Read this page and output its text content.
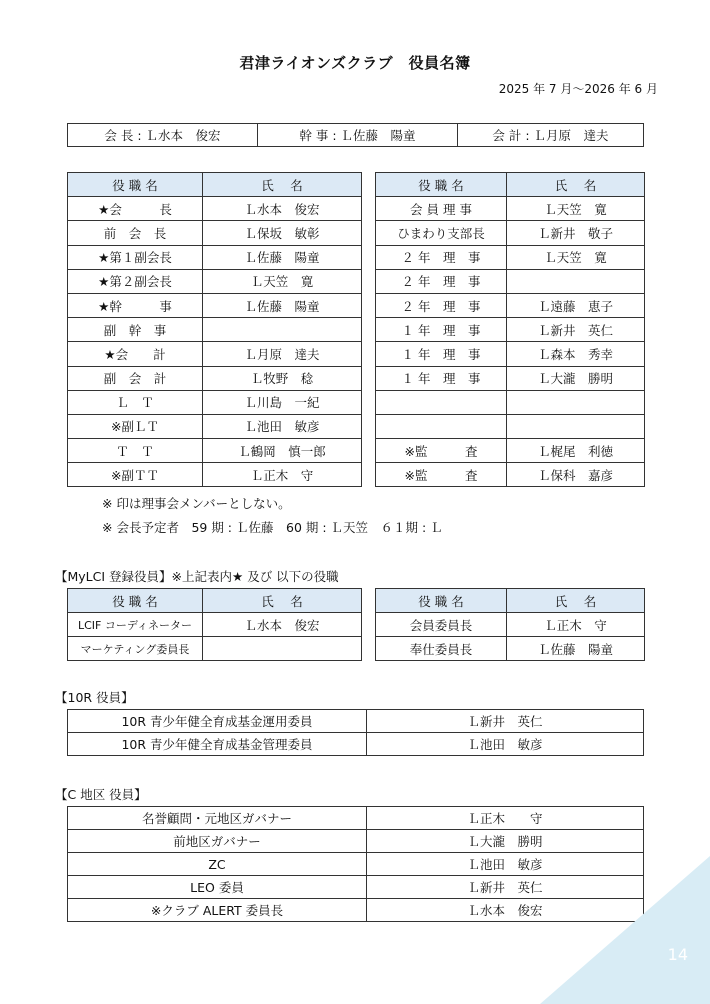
君津ライオンズクラブ　役員名簿
2025 年 7 月～2026 年 6 月
会 長 : Ｌ水本　俊宏	幹 事 : Ｌ佐藤　陽童	会 計 : Ｌ月原　達夫
役 職 名	氏　 名
★会　　　長	Ｌ水本　俊宏
前　会　長	Ｌ保坂　敏彰
★第１副会長	Ｌ佐藤　陽童
★第２副会長	Ｌ天笠　寛
★幹　　　事	Ｌ佐藤　陽童
副　幹　事	
★会　　計	Ｌ月原　達夫
副　会　計	Ｌ牧野　稔
Ｌ　Ｔ	Ｌ川島　一紀
※副ＬＴ	Ｌ池田　敏彦
Ｔ　Ｔ	Ｌ鶴岡　慎一郎
※副ＴＴ	Ｌ正木　守
役 職 名	氏　 名
会 員 理 事	Ｌ天笠　寛
ひまわり支部長	Ｌ新井　敬子
２ 年　理　事	Ｌ天笠　寛
２ 年　理　事	
２ 年　理　事	Ｌ遠藤　恵子
１ 年　理　事	Ｌ新井　英仁
１ 年　理　事	Ｌ森本　秀幸
１ 年　理　事	Ｌ大瀧　勝明

※監　　　査	Ｌ梶尾　利徳
※監　　　査	Ｌ保科　嘉彦
※ 印は理事会メンバーとしない。
※ 会長予定者　59 期 : Ｌ佐藤　60 期 : Ｌ天笠　６１期 : Ｌ
【MyLCI 登録役員】※上記表内★ 及び 以下の役職
役 職 名	氏　 名
LCIF コーディネーター	Ｌ水本　俊宏
マーケティング委員長	
役 職 名	氏　 名
会員委員長	Ｌ正木　守
奉仕委員長	Ｌ佐藤　陽童
【10R 役員】
10R 青少年健全育成基金運用委員	Ｌ新井　英仁
10R 青少年健全育成基金管理委員	Ｌ池田　敏彦
【C 地区 役員】
名誉顧問・元地区ガバナー	Ｌ正木　　守
前地区ガバナー	Ｌ大瀧　勝明
ZC	Ｌ池田　敏彦
LEO 委員	Ｌ新井　英仁
※クラブ ALERT 委員長	Ｌ水本　俊宏
14
